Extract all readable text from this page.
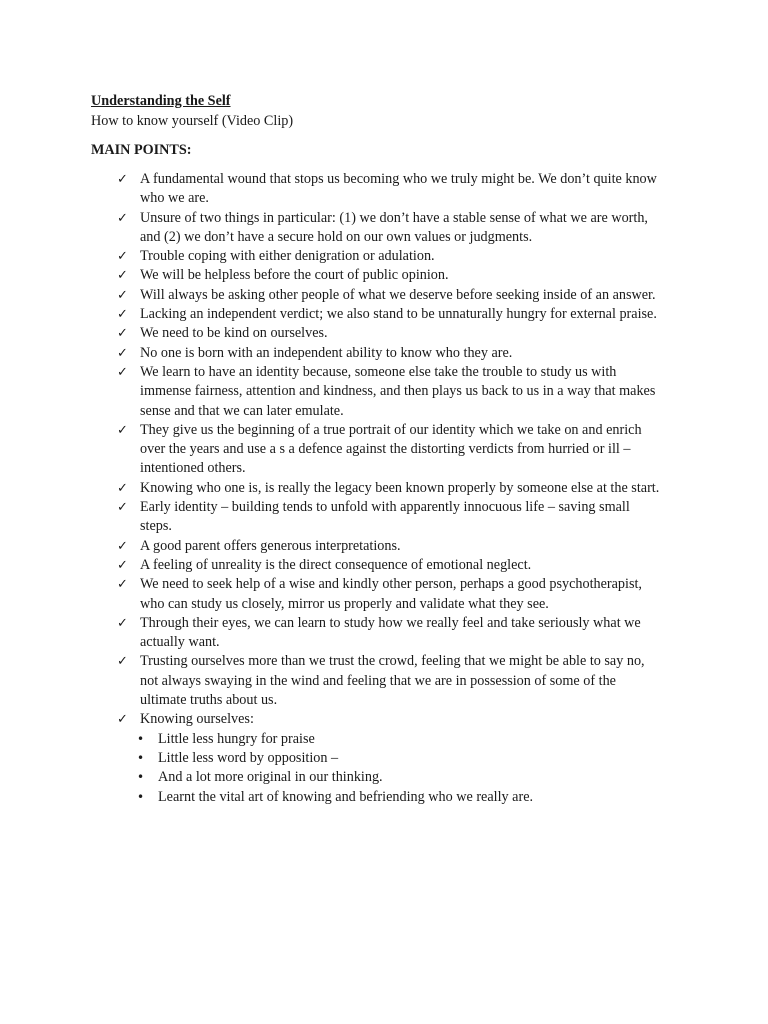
Understanding the Self
How to know yourself (Video Clip)
MAIN POINTS:
✓ A fundamental wound that stops us becoming who we truly might be. We don’t quite know who we are.
✓ Unsure of two things in particular: (1) we don’t have a stable sense of what we are worth, and (2) we don’t have a secure hold on our own values or judgments.
✓ Trouble coping with either denigration or adulation.
✓ We will be helpless before the court of public opinion.
✓ Will always be asking other people of what we deserve before seeking inside of an answer.
✓ Lacking an independent verdict; we also stand to be unnaturally hungry for external praise.
✓ We need to be kind on ourselves.
✓ No one is born with an independent ability to know who they are.
✓ We learn to have an identity because, someone else take the trouble to study us with immense fairness, attention and kindness, and then plays us back to us in a way that makes sense and that we can later emulate.
✓ They give us the beginning of a true portrait of our identity which we take on and enrich over the years and use a s a defence against the distorting verdicts from hurried or ill – intentioned others.
✓ Knowing who one is, is really the legacy been known properly by someone else at the start.
✓ Early identity – building tends to unfold with apparently innocuous life – saving small steps.
✓ A good parent offers generous interpretations.
✓ A feeling of unreality is the direct consequence of emotional neglect.
✓ We need to seek help of a wise and kindly other person, perhaps a good psychotherapist, who can study us closely, mirror us properly and validate what they see.
✓ Through their eyes, we can learn to study how we really feel and take seriously what we actually want.
✓ Trusting ourselves more than we trust the crowd, feeling that we might be able to say no, not always swaying in the wind and feeling that we are in possession of some of the ultimate truths about us.
✓ Knowing ourselves:
• Little less hungry for praise
• Little less word by opposition –
• And a lot more original in our thinking.
• Learnt the vital art of knowing and befriending who we really are.
